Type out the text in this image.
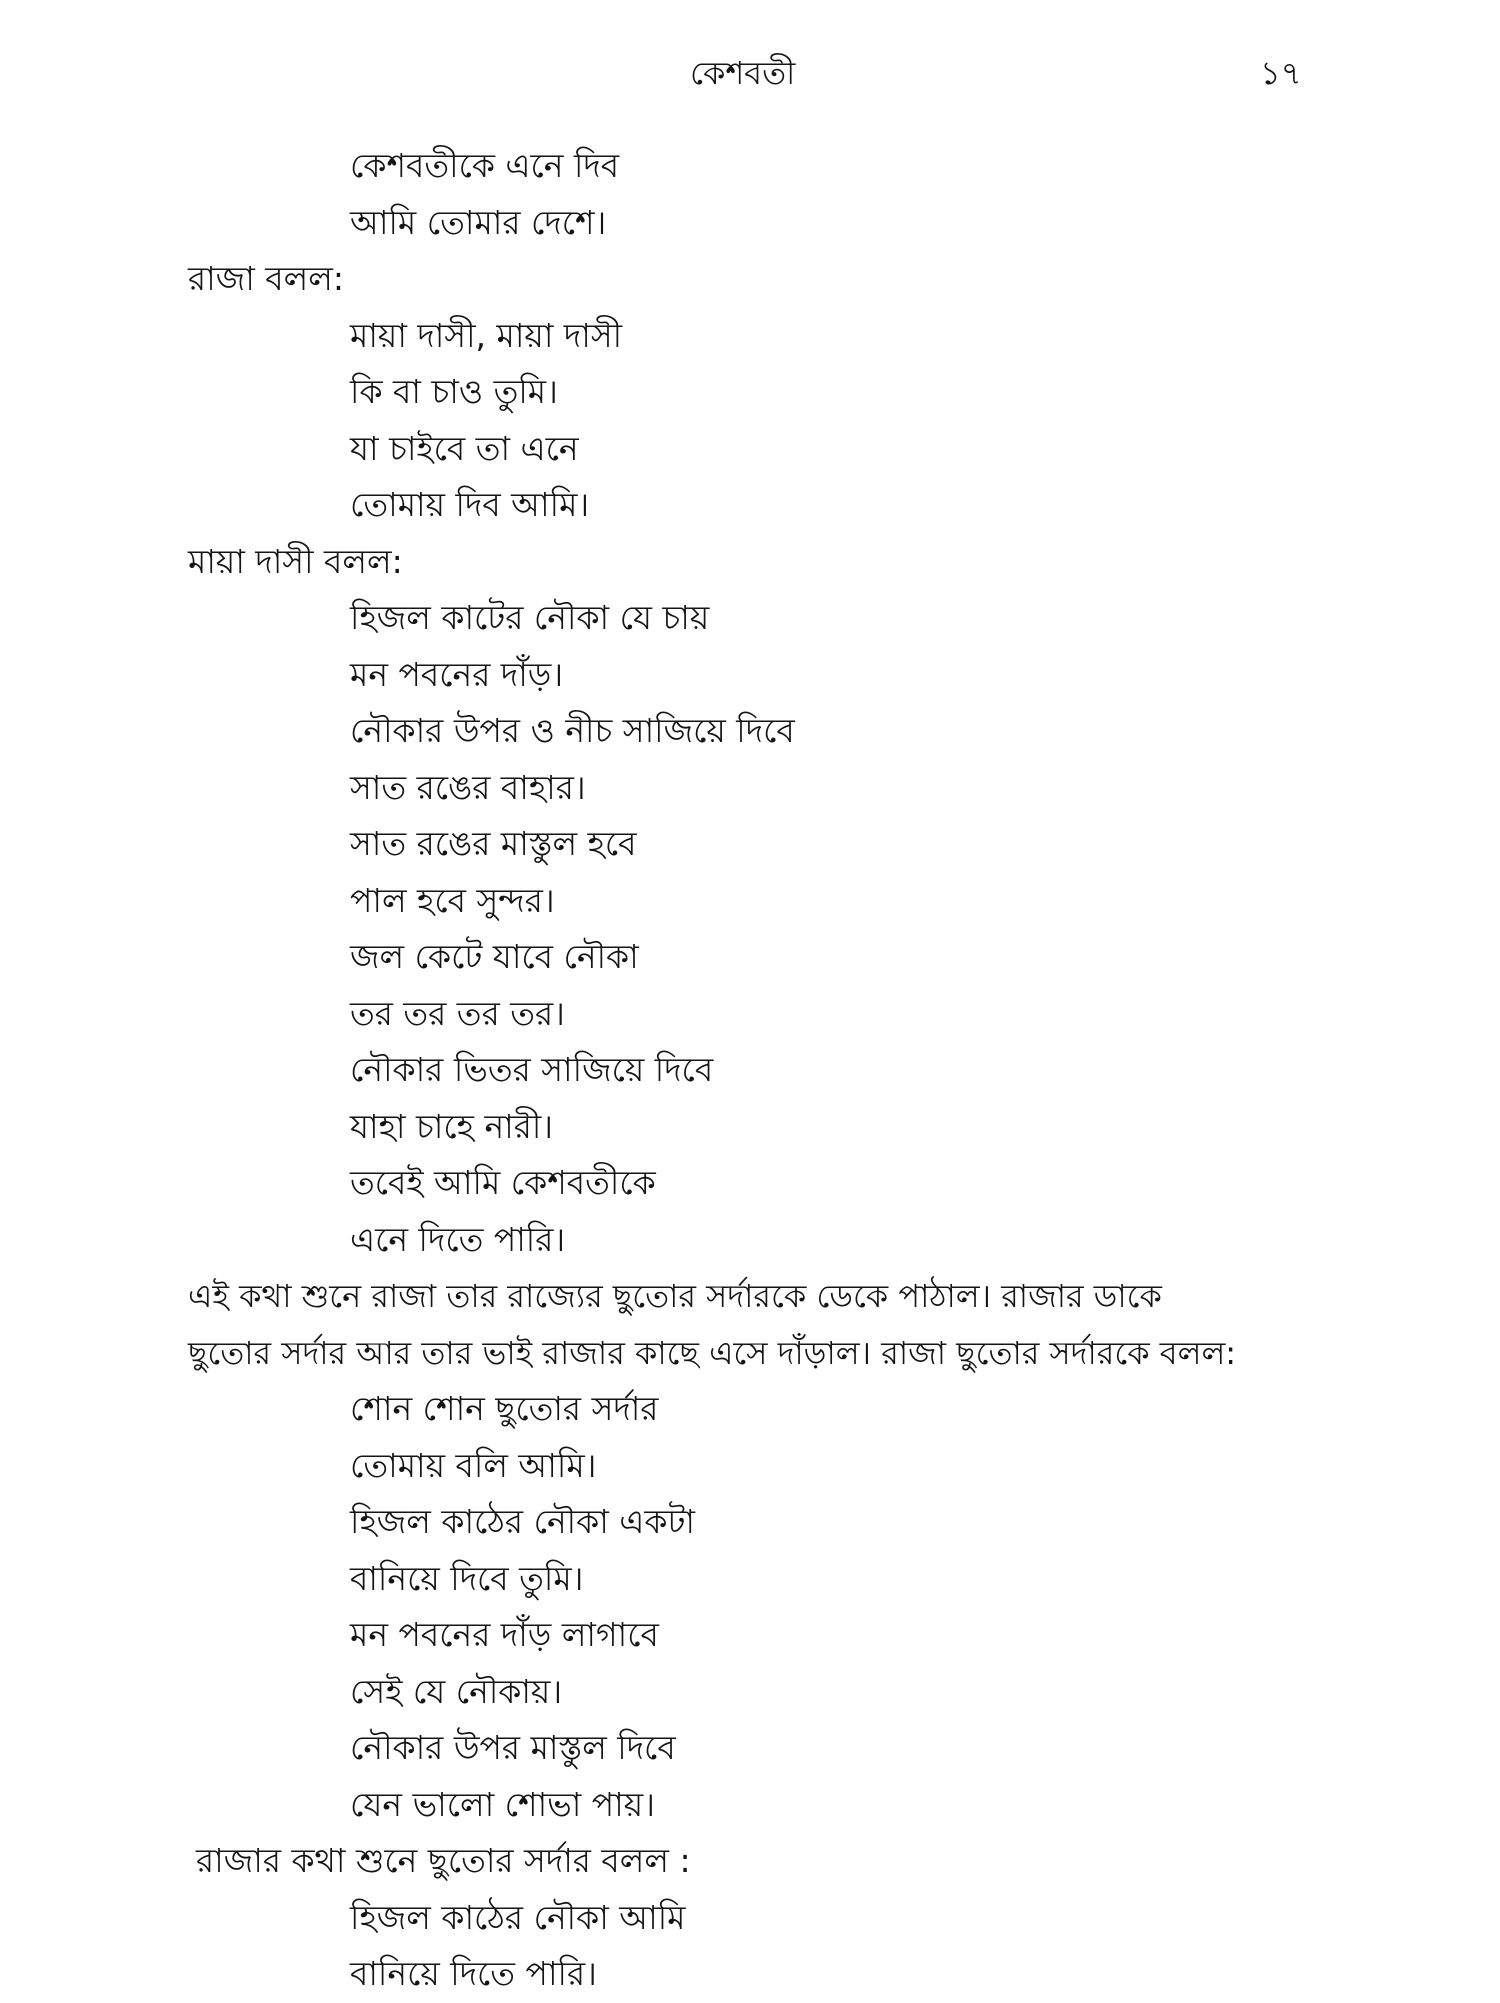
কেশবতী	১৭
কেশবতীকে এনে দিব
আমি তোমার দেশে।
রাজা বলল:
মায়া দাসী, মায়া দাসী
কি বা চাও তুমি।
যা চাইবে তা এনে
তোমায় দিব আমি।
মায়া দাসী বলল:
হিজল কাটের নৌকা যে চায়
মন পবনের দাঁড়।
নৌকার উপর ও নীচ সাজিয়ে দিবে
সাত রঙের বাহার।
সাত রঙের মাস্তুল হবে
পাল হবে সুন্দর।
জল কেটে যাবে নৌকা
তর তর তর তর।
নৌকার ভিতর সাজিয়ে দিবে
যাহা চাহে নারী।
তবেই আমি কেশবতীকে
এনে দিতে পারি।
এই কথা শুনে রাজা তার রাজ্যের ছুতোর সর্দারকে ডেকে পাঠাল। রাজার ডাকে
ছুতোর সর্দার আর তার ভাই রাজার কাছে এসে দাঁড়াল। রাজা ছুতোর সর্দারকে বলল:
শোন শোন ছুতোর সর্দার
তোমায় বলি আমি।
হিজল কাঠের নৌকা একটা
বানিয়ে দিবে তুমি।
মন পবনের দাঁড় লাগাবে
সেই যে নৌকায়।
নৌকার উপর মাস্তুল দিবে
যেন ভালো শোভা পায়।
রাজার কথা শুনে ছুতোর সর্দার বলল :
হিজল কাঠের নৌকা আমি
বানিয়ে দিতে পারি।
